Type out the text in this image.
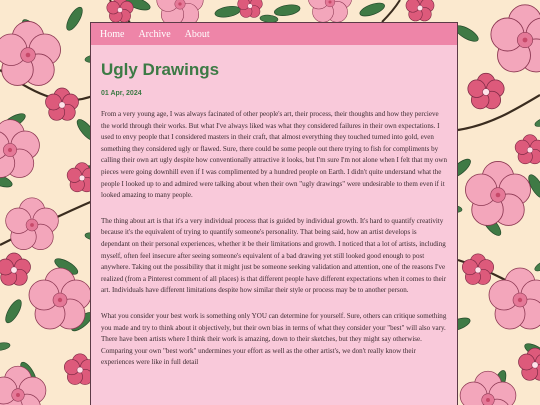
Home Archive About
Ugly Drawings
01 Apr, 2024

From a very young age, I was always facinated of other people's art, their process, their thoughts and how they percieve the world through their works. But what I've always liked was what they considered failures in their own expectations. I used to envy people that I considered masters in their craft, that almost everything they touched turned into gold, even something they considered ugly or flawed. Sure, there could be some people out there trying to fish for compliments by calling their own art ugly despite how conventionally attractive it looks, but I'm sure I'm not alone when I felt that my own pieces were going downhill even if I was complimented by a hundred people on Earth. I didn't quite understand what the people I looked up to and admired were talking about when their own "ugly drawings" were undesirable to them even if it looked amazing to many people.

The thing about art is that it's a very individual process that is guided by individual growth. It's hard to quantify creativity because it's the equivalent of trying to quantify someone's personality. That being said, how an artist develops is dependant on their personal experiences, whether it be their limitations and growth. I noticed that a lot of artists, including myself, often feel insecure after seeing someone's equivalent of a bad drawing yet still looked good enough to post anywhere. Taking out the possibility that it might just be someone seeking validation and attention, one of the reasons I've realized (from a Pinterest comment of all places) is that different people have different expectations when it comes to their art. Individuals have different limitations despite how similar their style or process may be to another person.

What you consider your best work is something only YOU can determine for yourself. Sure, others can critique something you made and try to think about it objectively, but their own bias in terms of what they consider your "best" will also vary. There have been artists where I think their work is amazing, down to their sketches, but they might say otherwise. Comparing your own "best work" undermines your effort as well as the other artist's, we don't really know their experiences were like in full detail
